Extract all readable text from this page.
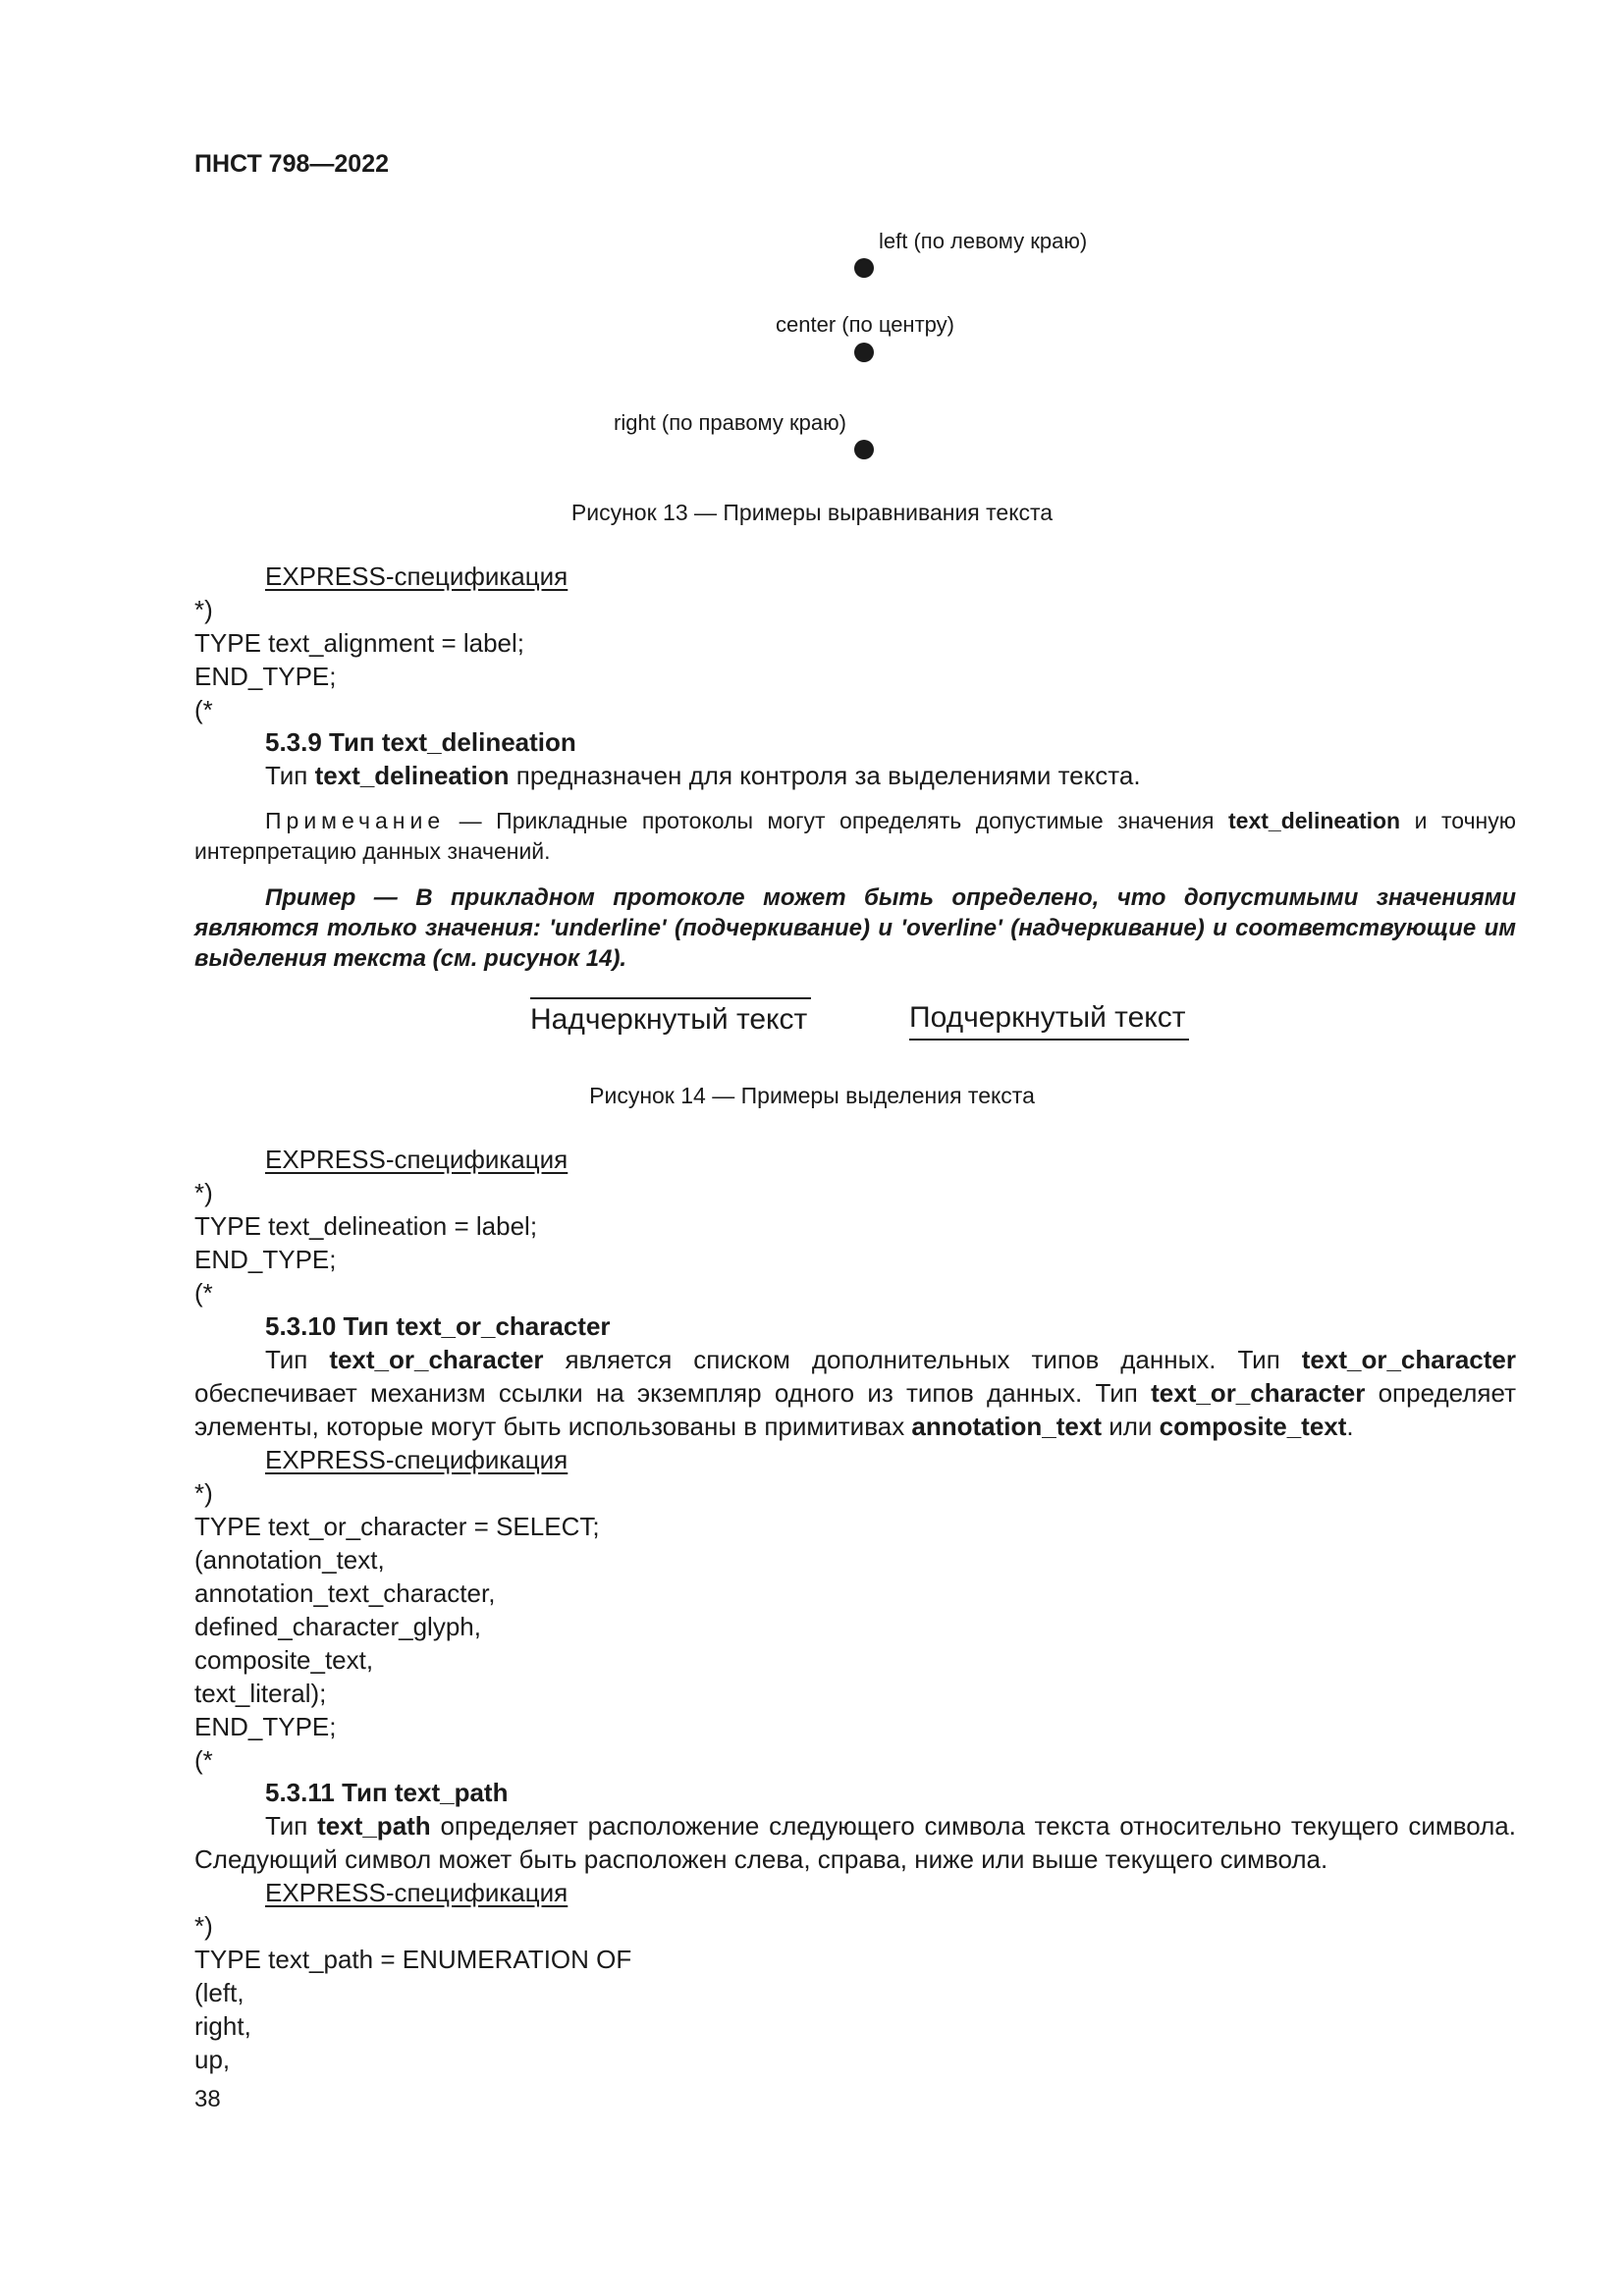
ПНСТ 798—2022
left (по левому краю)
center (по центру)
right (по правому краю)
Рисунок 13 — Примеры выравнивания текста
EXPRESS-спецификация
*)
TYPE text_alignment = label;
END_TYPE;
(*
5.3.9 Тип text_delineation
Тип text_delineation предназначен для контроля за выделениями текста.
Примечание — Прикладные протоколы могут определять допустимые значения text_delineation и точную интерпретацию данных значений.
Пример — В прикладном протоколе может быть определено, что допустимыми значениями являются только значения: 'underline' (подчеркивание) и 'overline' (надчеркивание) и соответствующие им выделения текста (см. рисунок 14).
Надчеркнутый текст	Подчеркнутый текст
Рисунок 14 — Примеры выделения текста
EXPRESS-спецификация
*)
TYPE text_delineation = label;
END_TYPE;
(*
5.3.10 Тип text_or_character
Тип text_or_character является списком дополнительных типов данных. Тип text_or_character обеспечивает механизм ссылки на экземпляр одного из типов данных. Тип text_or_character определяет элементы, которые могут быть использованы в примитивах annotation_text или composite_text.
EXPRESS-спецификация
*)
TYPE text_or_character = SELECT;
(annotation_text,
annotation_text_character,
defined_character_glyph,
composite_text,
text_literal);
END_TYPE;
(*
5.3.11 Тип text_path
Тип text_path определяет расположение следующего символа текста относительно текущего символа. Следующий символ может быть расположен слева, справа, ниже или выше текущего символа.
EXPRESS-спецификация
*)
TYPE text_path = ENUMERATION OF
(left,
right,
up,
38
